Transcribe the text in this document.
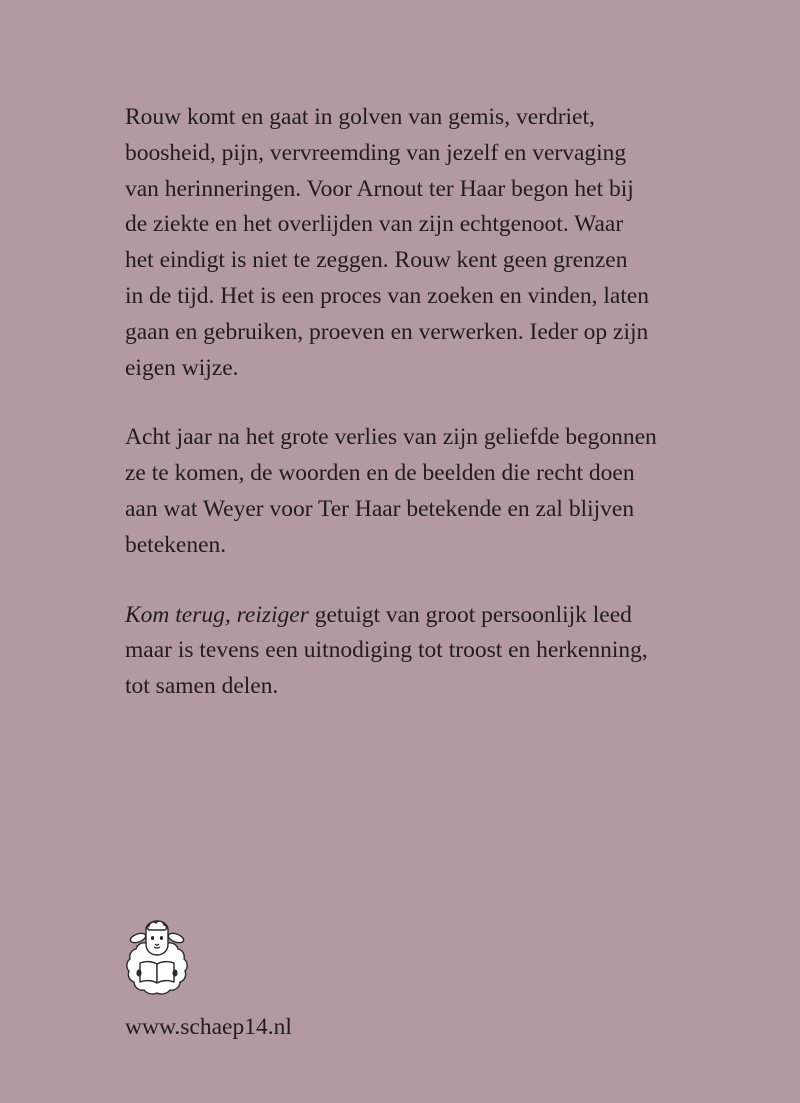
Rouw komt en gaat in golven van gemis, verdriet,
boosheid, pijn, vervreemding van jezelf en vervaging
van herinneringen. Voor Arnout ter Haar begon het bij
de ziekte en het overlijden van zijn echtgenoot. Waar
het eindigt is niet te zeggen. Rouw kent geen grenzen
in de tijd. Het is een proces van zoeken en vinden, laten
gaan en gebruiken, proeven en verwerken. Ieder op zijn
eigen wijze.

Acht jaar na het grote verlies van zijn geliefde begonnen
ze te komen, de woorden en de beelden die recht doen
aan wat Weyer voor Ter Haar betekende en zal blijven
betekenen.

Kom terug, reiziger getuigt van groot persoonlijk leed
maar is tevens een uitnodiging tot troost en herkenning,
tot samen delen.

www.schaep14.nl
